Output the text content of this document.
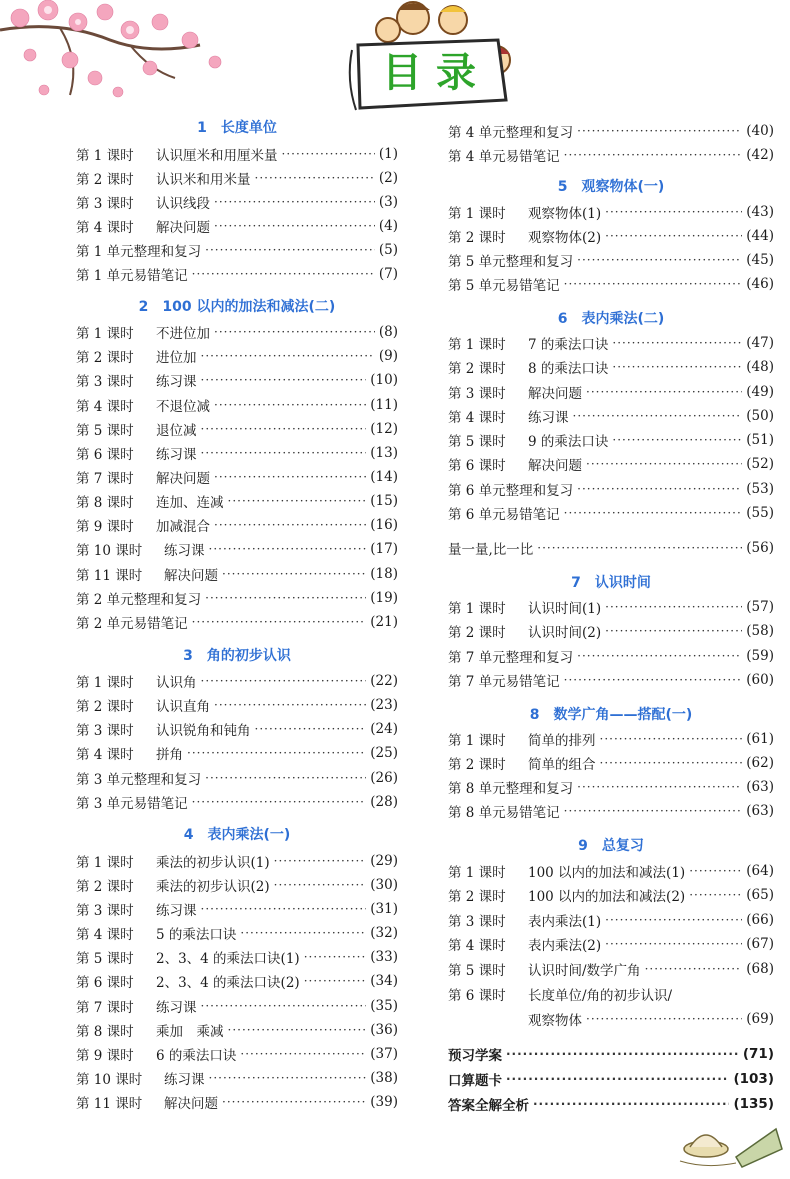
目录
1　长度单位
第 1 课时	认识厘米和用厘米量 ·····	(1)
第 2 课时	认识米和用米量 ·····	(2)
第 3 课时	认识线段 ·····	(3)
第 4 课时	解决问题 ·····	(4)
第 1 单元整理和复习 ·····	(5)
第 1 单元易错笔记 ·····	(7)
2　100 以内的加法和减法(二)
第 1 课时	不进位加 ·····	(8)
第 2 课时	进位加 ·····	(9)
第 3 课时	练习课 ·····	(10)
第 4 课时	不退位减 ·····	(11)
第 5 课时	退位减 ·····	(12)
第 6 课时	练习课 ·····	(13)
第 7 课时	解决问题 ·····	(14)
第 8 课时	连加、连减 ·····	(15)
第 9 课时	加减混合 ·····	(16)
第 10 课时	练习课 ·····	(17)
第 11 课时	解决问题 ·····	(18)
第 2 单元整理和复习 ·····	(19)
第 2 单元易错笔记 ·····	(21)
3　角的初步认识
第 1 课时	认识角 ·····	(22)
第 2 课时	认识直角 ·····	(23)
第 3 课时	认识锐角和钝角 ·····	(24)
第 4 课时	拼角 ·····	(25)
第 3 单元整理和复习 ·····	(26)
第 3 单元易错笔记 ·····	(28)
4　表内乘法(一)
第 1 课时	乘法的初步认识(1) ·····	(29)
第 2 课时	乘法的初步认识(2) ·····	(30)
第 3 课时	练习课 ·····	(31)
第 4 课时	5 的乘法口诀 ·····	(32)
第 5 课时	2、3、4 的乘法口诀(1) ·····	(33)
第 6 课时	2、3、4 的乘法口诀(2) ·····	(34)
第 7 课时	练习课 ·····	(35)
第 8 课时	乘加　乘减 ·····	(36)
第 9 课时	6 的乘法口诀 ·····	(37)
第 10 课时	练习课 ·····	(38)
第 11 课时	解决问题 ·····	(39)
第 4 单元整理和复习 ·····	(40)
第 4 单元易错笔记 ·····	(42)
5　观察物体(一)
第 1 课时	观察物体(1) ·····	(43)
第 2 课时	观察物体(2) ·····	(44)
第 5 单元整理和复习 ·····	(45)
第 5 单元易错笔记 ·····	(46)
6　表内乘法(二)
第 1 课时	7 的乘法口诀 ·····	(47)
第 2 课时	8 的乘法口诀 ·····	(48)
第 3 课时	解决问题 ·····	(49)
第 4 课时	练习课 ·····	(50)
第 5 课时	9 的乘法口诀 ·····	(51)
第 6 课时	解决问题 ·····	(52)
第 6 单元整理和复习 ·····	(53)
第 6 单元易错笔记 ·····	(55)
量一量,比一比 ·····	(56)
7　认识时间
第 1 课时	认识时间(1) ·····	(57)
第 2 课时	认识时间(2) ·····	(58)
第 7 单元整理和复习 ·····	(59)
第 7 单元易错笔记 ·····	(60)
8　数学广角——搭配(一)
第 1 课时	简单的排列 ·····	(61)
第 2 课时	简单的组合 ·····	(62)
第 8 单元整理和复习 ·····	(63)
第 8 单元易错笔记 ·····	(63)
9　总复习
第 1 课时	100 以内的加法和减法(1) ·····	(64)
第 2 课时	100 以内的加法和减法(2) ·····	(65)
第 3 课时	表内乘法(1) ·····	(66)
第 4 课时	表内乘法(2) ·····	(67)
第 5 课时	认识时间/数学广角 ·····	(68)
第 6 课时	长度单位/角的初步认识/
观察物体 ·····	(69)
预习学案 ·····	(71)
口算题卡 ·····	(103)
答案全解全析 ·····	(135)
